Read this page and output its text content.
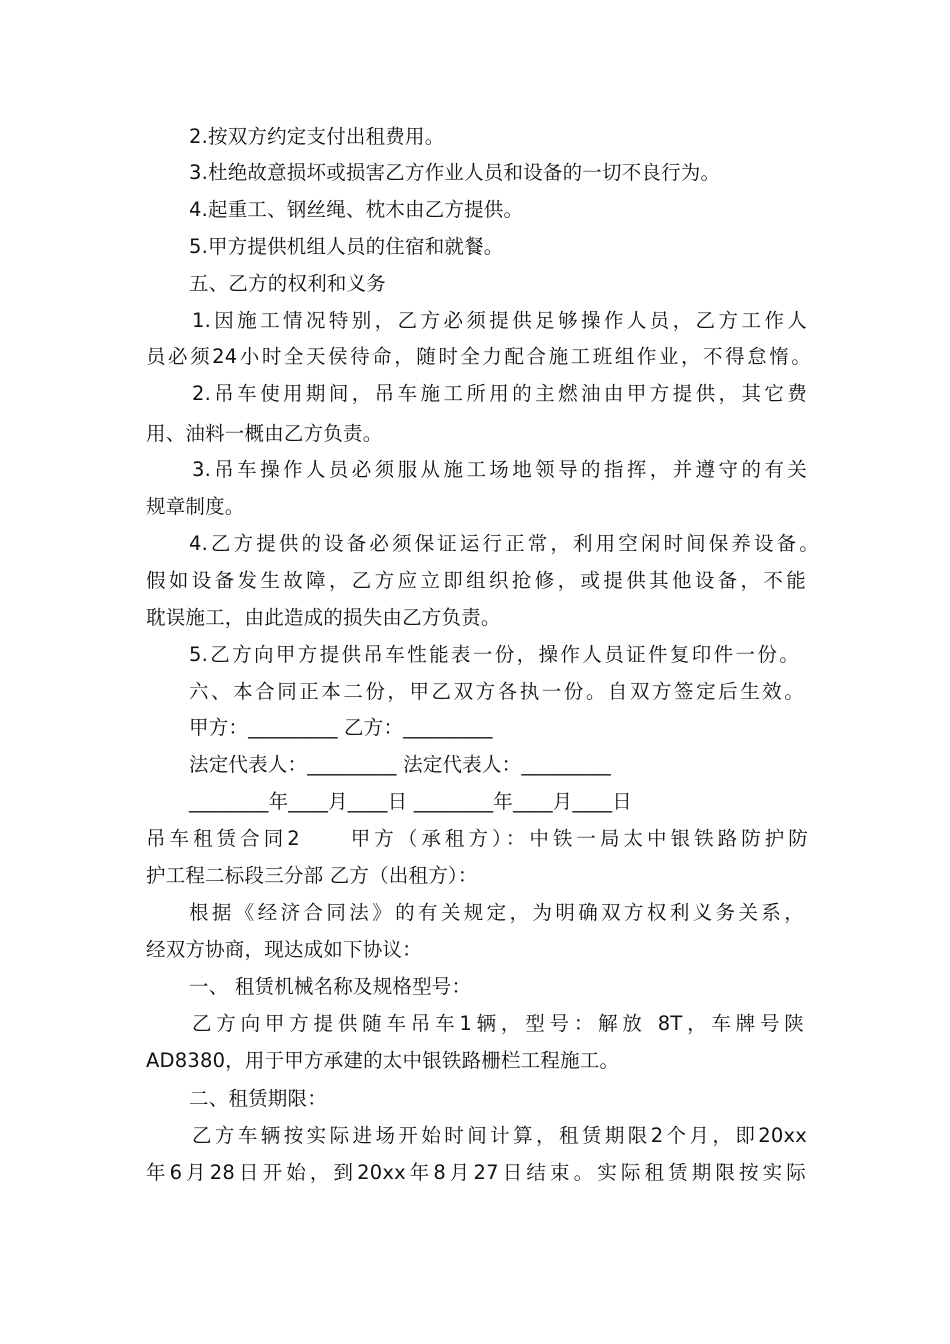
2.按双方约定支付出租费用。
3.杜绝故意损坏或损害乙方作业人员和设备的一切不良行为。
4.起重工、钢丝绳、枕木由乙方提供。
5.甲方提供机组人员的住宿和就餐。
五、乙方的权利和义务
1.因施工情况特别，乙方必须提供足够操作人员，乙方工作人
员必须24小时全天侯待命，随时全力配合施工班组作业，不得怠惰。
2.吊车使用期间，吊车施工所用的主燃油由甲方提供，其它费
用、油料一概由乙方负责。
3.吊车操作人员必须服从施工场地领导的指挥，并遵守的有关
规章制度。
4.乙方提供的设备必须保证运行正常，利用空闲时间保养设备。
假如设备发生故障，乙方应立即组织抢修，或提供其他设备，不能
耽误施工，由此造成的损失由乙方负责。
5.乙方向甲方提供吊车性能表一份，操作人员证件复印件一份。
六、本合同正本二份，甲乙双方各执一份。自双方签定后生效。
甲方：_________ 乙方：_________
法定代表人：_________ 法定代表人：_________
________年____月____日 ________年____月____日
吊车租赁合同2　　甲方（承租方）：中铁一局太中银铁路防护防
护工程二标段三分部 乙方（出租方）：
根据《经济合同法》的有关规定，为明确双方权利义务关系，
经双方协商，现达成如下协议：
一、 租赁机械名称及规格型号：
乙方向甲方提供随车吊车1辆，型号：解放 8T，车牌号陕
AD8380，用于甲方承建的太中银铁路栅栏工程施工。
二、租赁期限：
乙方车辆按实际进场开始时间计算，租赁期限2个月，即20xx
年6月28日开始，到20xx年8月27日结束。实际租赁期限按实际
